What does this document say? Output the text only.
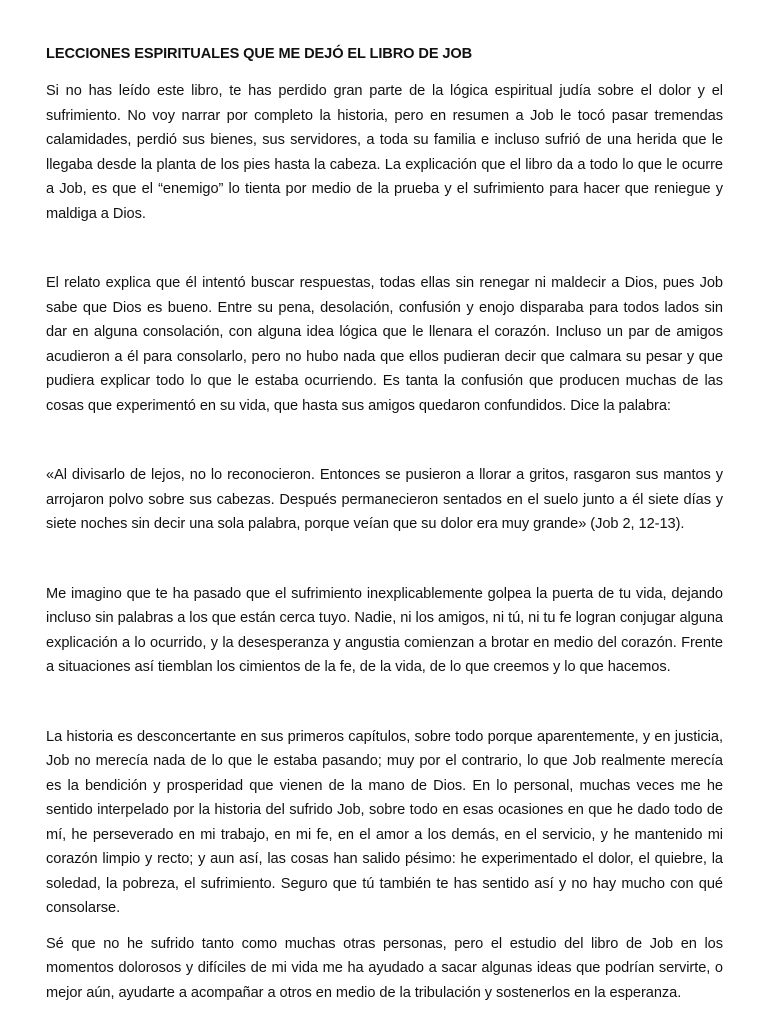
LECCIONES ESPIRITUALES QUE ME DEJÓ EL LIBRO DE JOB

Si no has leído este libro, te has perdido gran parte de la lógica espiritual judía sobre el dolor y el sufrimiento. No voy narrar por completo la historia, pero en resumen a Job le tocó pasar tremendas calamidades, perdió sus bienes, sus servidores, a toda su familia e incluso sufrió de una herida que le llegaba desde la planta de los pies hasta la cabeza. La explicación que el libro da a todo lo que le ocurre a Job, es que el “enemigo” lo tienta por medio de la prueba y el sufrimiento para hacer que reniegue y maldiga a Dios.

El relato explica que él intentó buscar respuestas, todas ellas sin renegar ni maldecir a Dios, pues Job sabe que Dios es bueno. Entre su pena, desolación, confusión y enojo disparaba para todos lados sin dar en alguna consolación, con alguna idea lógica que le llenara el corazón. Incluso un par de amigos acudieron a él para consolarlo, pero no hubo nada que ellos pudieran decir que calmara su pesar y que pudiera explicar todo lo que le estaba ocurriendo. Es tanta la confusión que producen muchas de las cosas que experimentó en su vida, que hasta sus amigos quedaron confundidos. Dice la palabra:

«Al divisarlo de lejos, no lo reconocieron. Entonces se pusieron a llorar a gritos, rasgaron sus mantos y arrojaron polvo sobre sus cabezas. Después permanecieron sentados en el suelo junto a él siete días y siete noches sin decir una sola palabra, porque veían que su dolor era muy grande» (Job 2, 12-13).

Me imagino que te ha pasado que el sufrimiento inexplicablemente golpea la puerta de tu vida, dejando incluso sin palabras a los que están cerca tuyo. Nadie, ni los amigos, ni tú, ni tu fe logran conjugar alguna explicación a lo ocurrido, y la desesperanza y angustia comienzan a brotar en medio del corazón. Frente a situaciones así tiemblan los cimientos de la fe, de la vida, de lo que creemos y lo que hacemos.

La historia es desconcertante en sus primeros capítulos, sobre todo porque aparentemente, y en justicia, Job no merecía nada de lo que le estaba pasando; muy por el contrario, lo que Job realmente merecía es la bendición y prosperidad que vienen de la mano de Dios. En lo personal, muchas veces me he sentido interpelado por la historia del sufrido Job, sobre todo en esas ocasiones en que he dado todo de mí, he perseverado en mi trabajo, en mi fe, en el amor a los demás, en el servicio, y he mantenido mi corazón limpio y recto; y aun así, las cosas han salido pésimo: he experimentado el dolor, el quiebre, la soledad, la pobreza, el sufrimiento. Seguro que tú también te has sentido así y no hay mucho con qué consolarse.

Sé que no he sufrido tanto como muchas otras personas, pero el estudio del libro de Job en los momentos dolorosos y difíciles de mi vida me ha ayudado a sacar algunas ideas que podrían servirte, o mejor aún, ayudarte a acompañar a otros en medio de la tribulación y sostenerlos en la esperanza.
